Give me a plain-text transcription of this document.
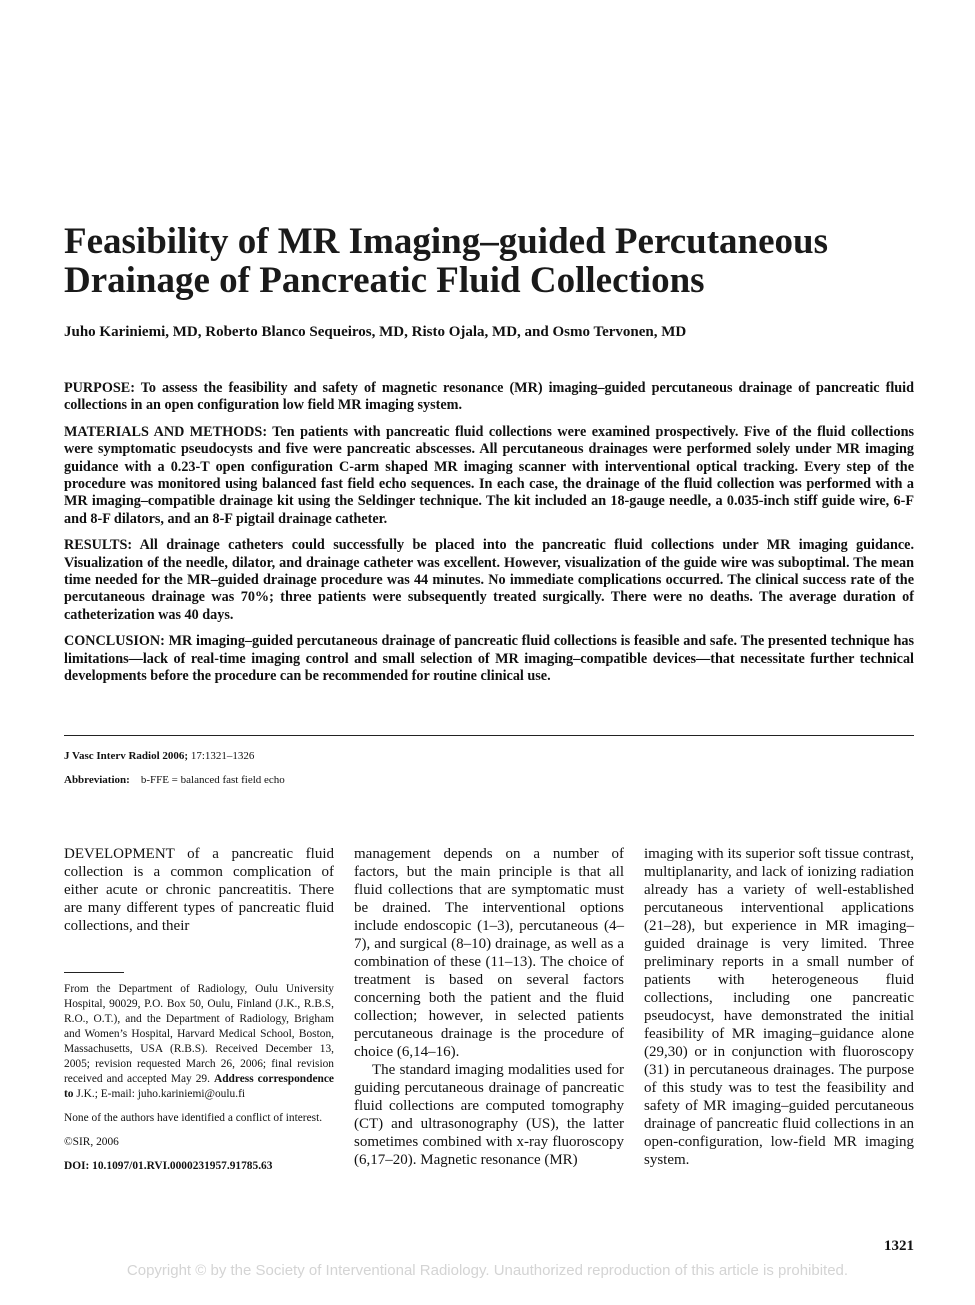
Feasibility of MR Imaging–guided Percutaneous
Drainage of Pancreatic Fluid Collections
Juho Kariniemi, MD, Roberto Blanco Sequeiros, MD, Risto Ojala, MD, and Osmo Tervonen, MD

PURPOSE: To assess the feasibility and safety of magnetic resonance (MR) imaging–guided percutaneous drainage of pancreatic fluid collections in an open configuration low field MR imaging system.

MATERIALS AND METHODS: Ten patients with pancreatic fluid collections were examined prospectively. Five of the fluid collections were symptomatic pseudocysts and five were pancreatic abscesses. All percutaneous drainages were performed solely under MR imaging guidance with a 0.23-T open configuration C-arm shaped MR imaging scanner with interventional optical tracking. Every step of the procedure was monitored using balanced fast field echo sequences. In each case, the drainage of the fluid collection was performed with a MR imaging–compatible drainage kit using the Seldinger technique. The kit included an 18-gauge needle, a 0.035-inch stiff guide wire, 6-F and 8-F dilators, and an 8-F pigtail drainage catheter.

RESULTS: All drainage catheters could successfully be placed into the pancreatic fluid collections under MR imaging guidance. Visualization of the needle, dilator, and drainage catheter was excellent. However, visualization of the guide wire was suboptimal. The mean time needed for the MR–guided drainage procedure was 44 minutes. No immediate complications occurred. The clinical success rate of the percutaneous drainage was 70%; three patients were subsequently treated surgically. There were no deaths. The average duration of catheterization was 40 days.

CONCLUSION: MR imaging–guided percutaneous drainage of pancreatic fluid collections is feasible and safe. The presented technique has limitations—lack of real-time imaging control and small selection of MR imaging–compatible devices—that necessitate further technical developments before the procedure can be recommended for routine clinical use.

J Vasc Interv Radiol 2006; 17:1321–1326
Abbreviation: b-FFE = balanced fast field echo

DEVELOPMENT of a pancreatic fluid collection is a common complication of either acute or chronic pancreatitis. There are many different types of pancreatic fluid collections, and their

From the Department of Radiology, Oulu University Hospital, 90029, P.O. Box 50, Oulu, Finland (J.K., R.B.S, R.O., O.T.), and the Department of Radiology, Brigham and Women’s Hospital, Harvard Medical School, Boston, Massachusetts, USA (R.B.S). Received December 13, 2005; revision requested March 26, 2006; final revision received and accepted May 29. Address correspondence to J.K.; E-mail: juho.kariniemi@oulu.fi

None of the authors have identified a conflict of interest.

©SIR, 2006

DOI: 10.1097/01.RVI.0000231957.91785.63

management depends on a number of factors, but the main principle is that all fluid collections that are symptomatic must be drained. The interventional options include endoscopic (1–3), percutaneous (4–7), and surgical (8–10) drainage, as well as a combination of these (11–13). The choice of treatment is based on several factors concerning both the patient and the fluid collection; however, in selected patients percutaneous drainage is the procedure of choice (6,14–16).

The standard imaging modalities used for guiding percutaneous drainage of pancreatic fluid collections are computed tomography (CT) and ultrasonography (US), the latter sometimes combined with x-ray fluoroscopy (6,17–20). Magnetic resonance (MR)

imaging with its superior soft tissue contrast, multiplanarity, and lack of ionizing radiation already has a variety of well-established percutaneous interventional applications (21–28), but experience in MR imaging–guided drainage is very limited. Three preliminary reports in a small number of patients with heterogeneous fluid collections, including one pancreatic pseudocyst, have demonstrated the initial feasibility of MR imaging–guidance alone (29,30) or in conjunction with fluoroscopy (31) in percutaneous drainages. The purpose of this study was to test the feasibility and safety of MR imaging–guided percutaneous drainage of pancreatic fluid collections in an open-configuration, low-field MR imaging system.

1321
Copyright © by the Society of Interventional Radiology. Unauthorized reproduction of this article is prohibited.
